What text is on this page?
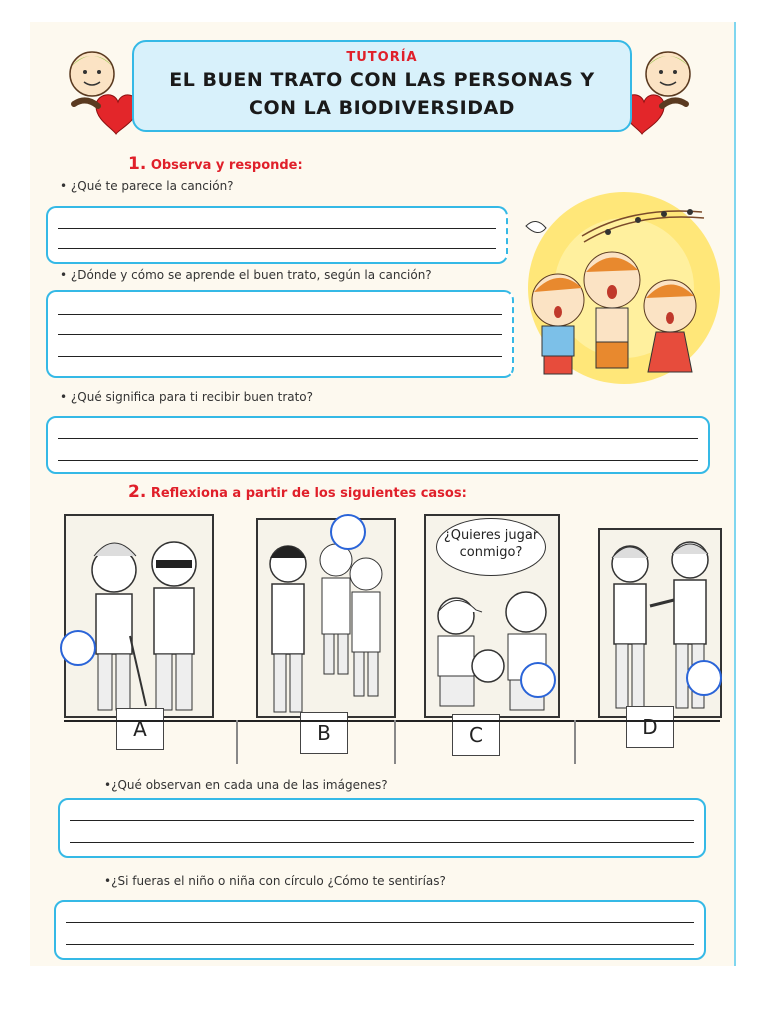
TUTORÍA
EL BUEN TRATO CON LAS PERSONAS Y
CON LA BIODIVERSIDAD
1. Observa y responde:
• ¿Qué te parece la canción?
• ¿Dónde y cómo se aprende el buen trato, según la canción?
• ¿Qué significa para ti recibir buen trato?
2. Reflexiona a partir de los siguientes casos:
A	B
¿Quieres jugar conmigo?
C	D
•¿Qué observan en cada una de las imágenes?
•¿Si fueras el niño o niña con círculo ¿Cómo te sentirías?
